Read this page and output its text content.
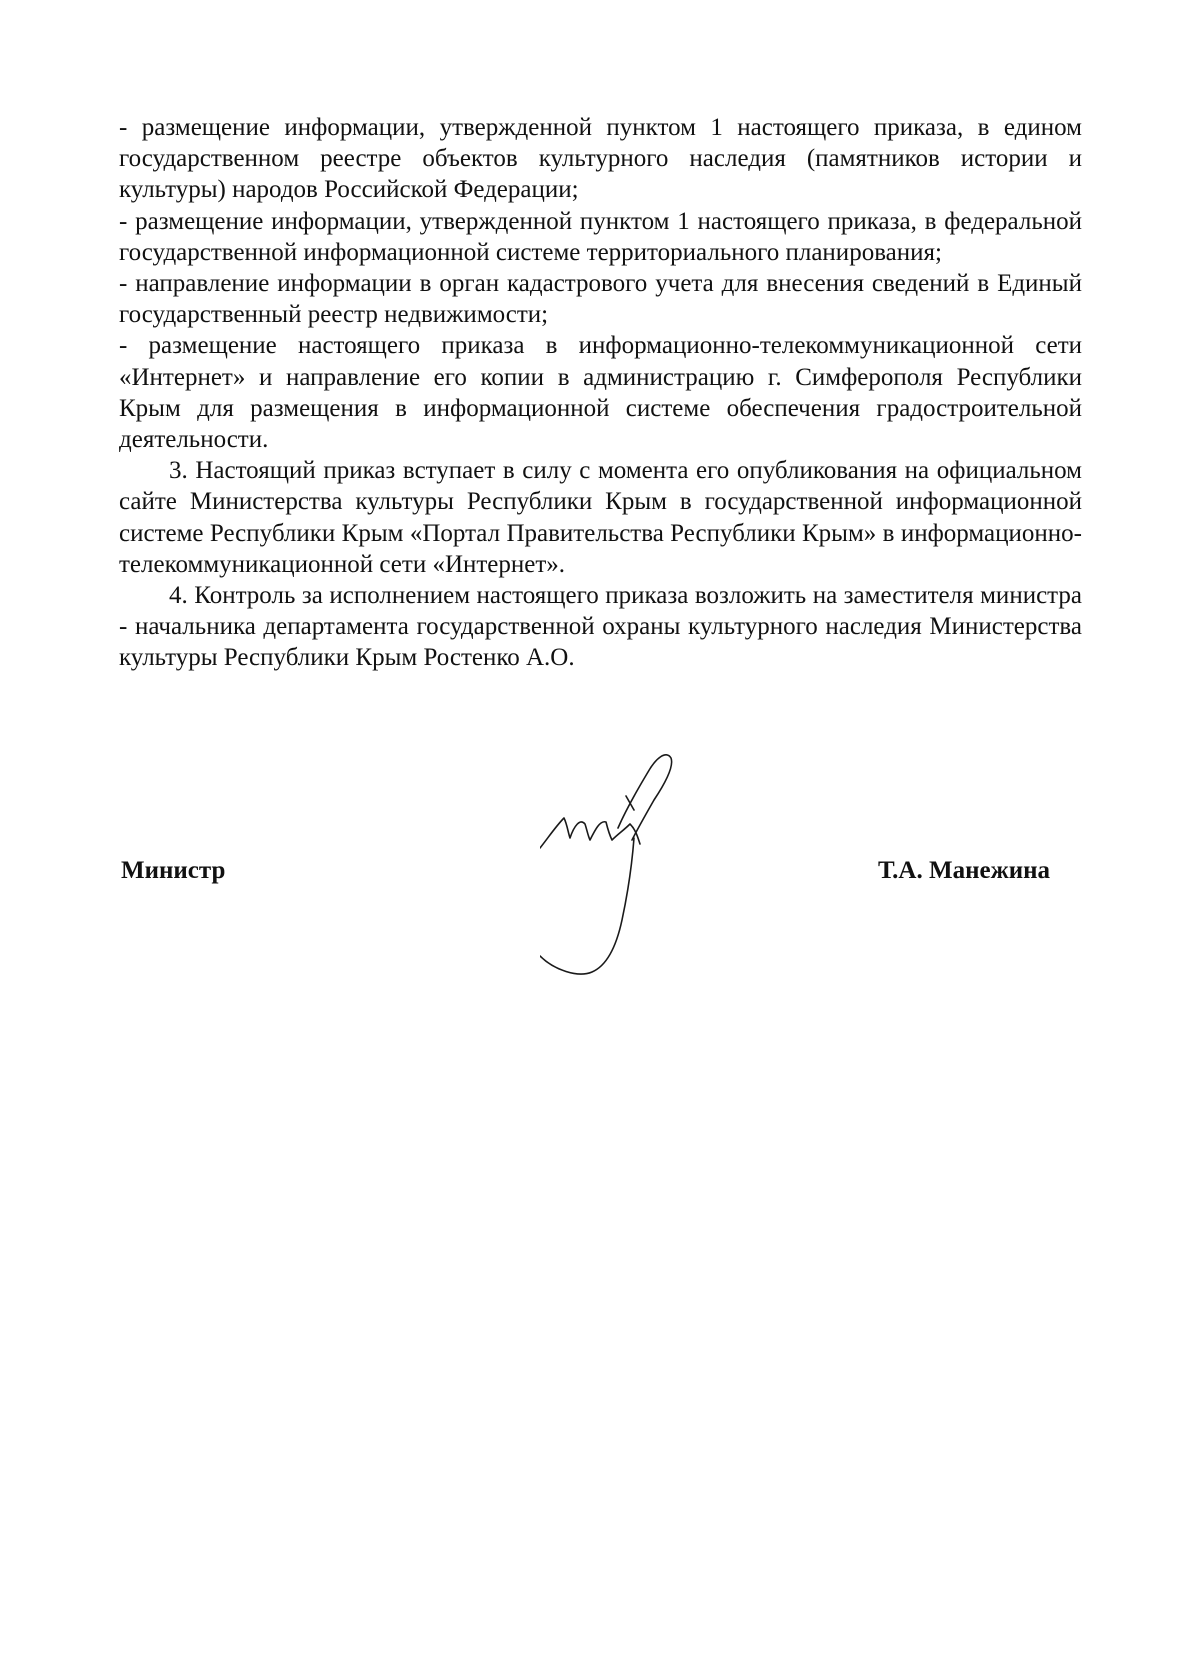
- размещение информации, утвержденной пунктом 1 настоящего приказа, в едином государственном реестре объектов культурного наследия (памятников истории и культуры) народов Российской Федерации;

- размещение информации, утвержденной пунктом 1 настоящего приказа, в федеральной государственной информационной системе территориального планирования;

- направление информации в орган кадастрового учета для внесения сведений в Единый государственный реестр недвижимости;

- размещение настоящего приказа в информационно-телекоммуникационной сети «Интернет» и направление его копии в администрацию г. Симферополя Республики Крым для размещения в информационной системе обеспечения градостроительной деятельности.

3. Настоящий приказ вступает в силу с момента его опубликования на официальном сайте Министерства культуры Республики Крым в государственной информационной системе Республики Крым «Портал Правительства Республики Крым» в информационно-телекоммуникационной сети «Интернет».

4. Контроль за исполнением настоящего приказа возложить на заместителя министра - начальника департамента государственной охраны культурного наследия Министерства культуры Республики Крым Ростенко А.О.

Министр	Т.А. Манежина
